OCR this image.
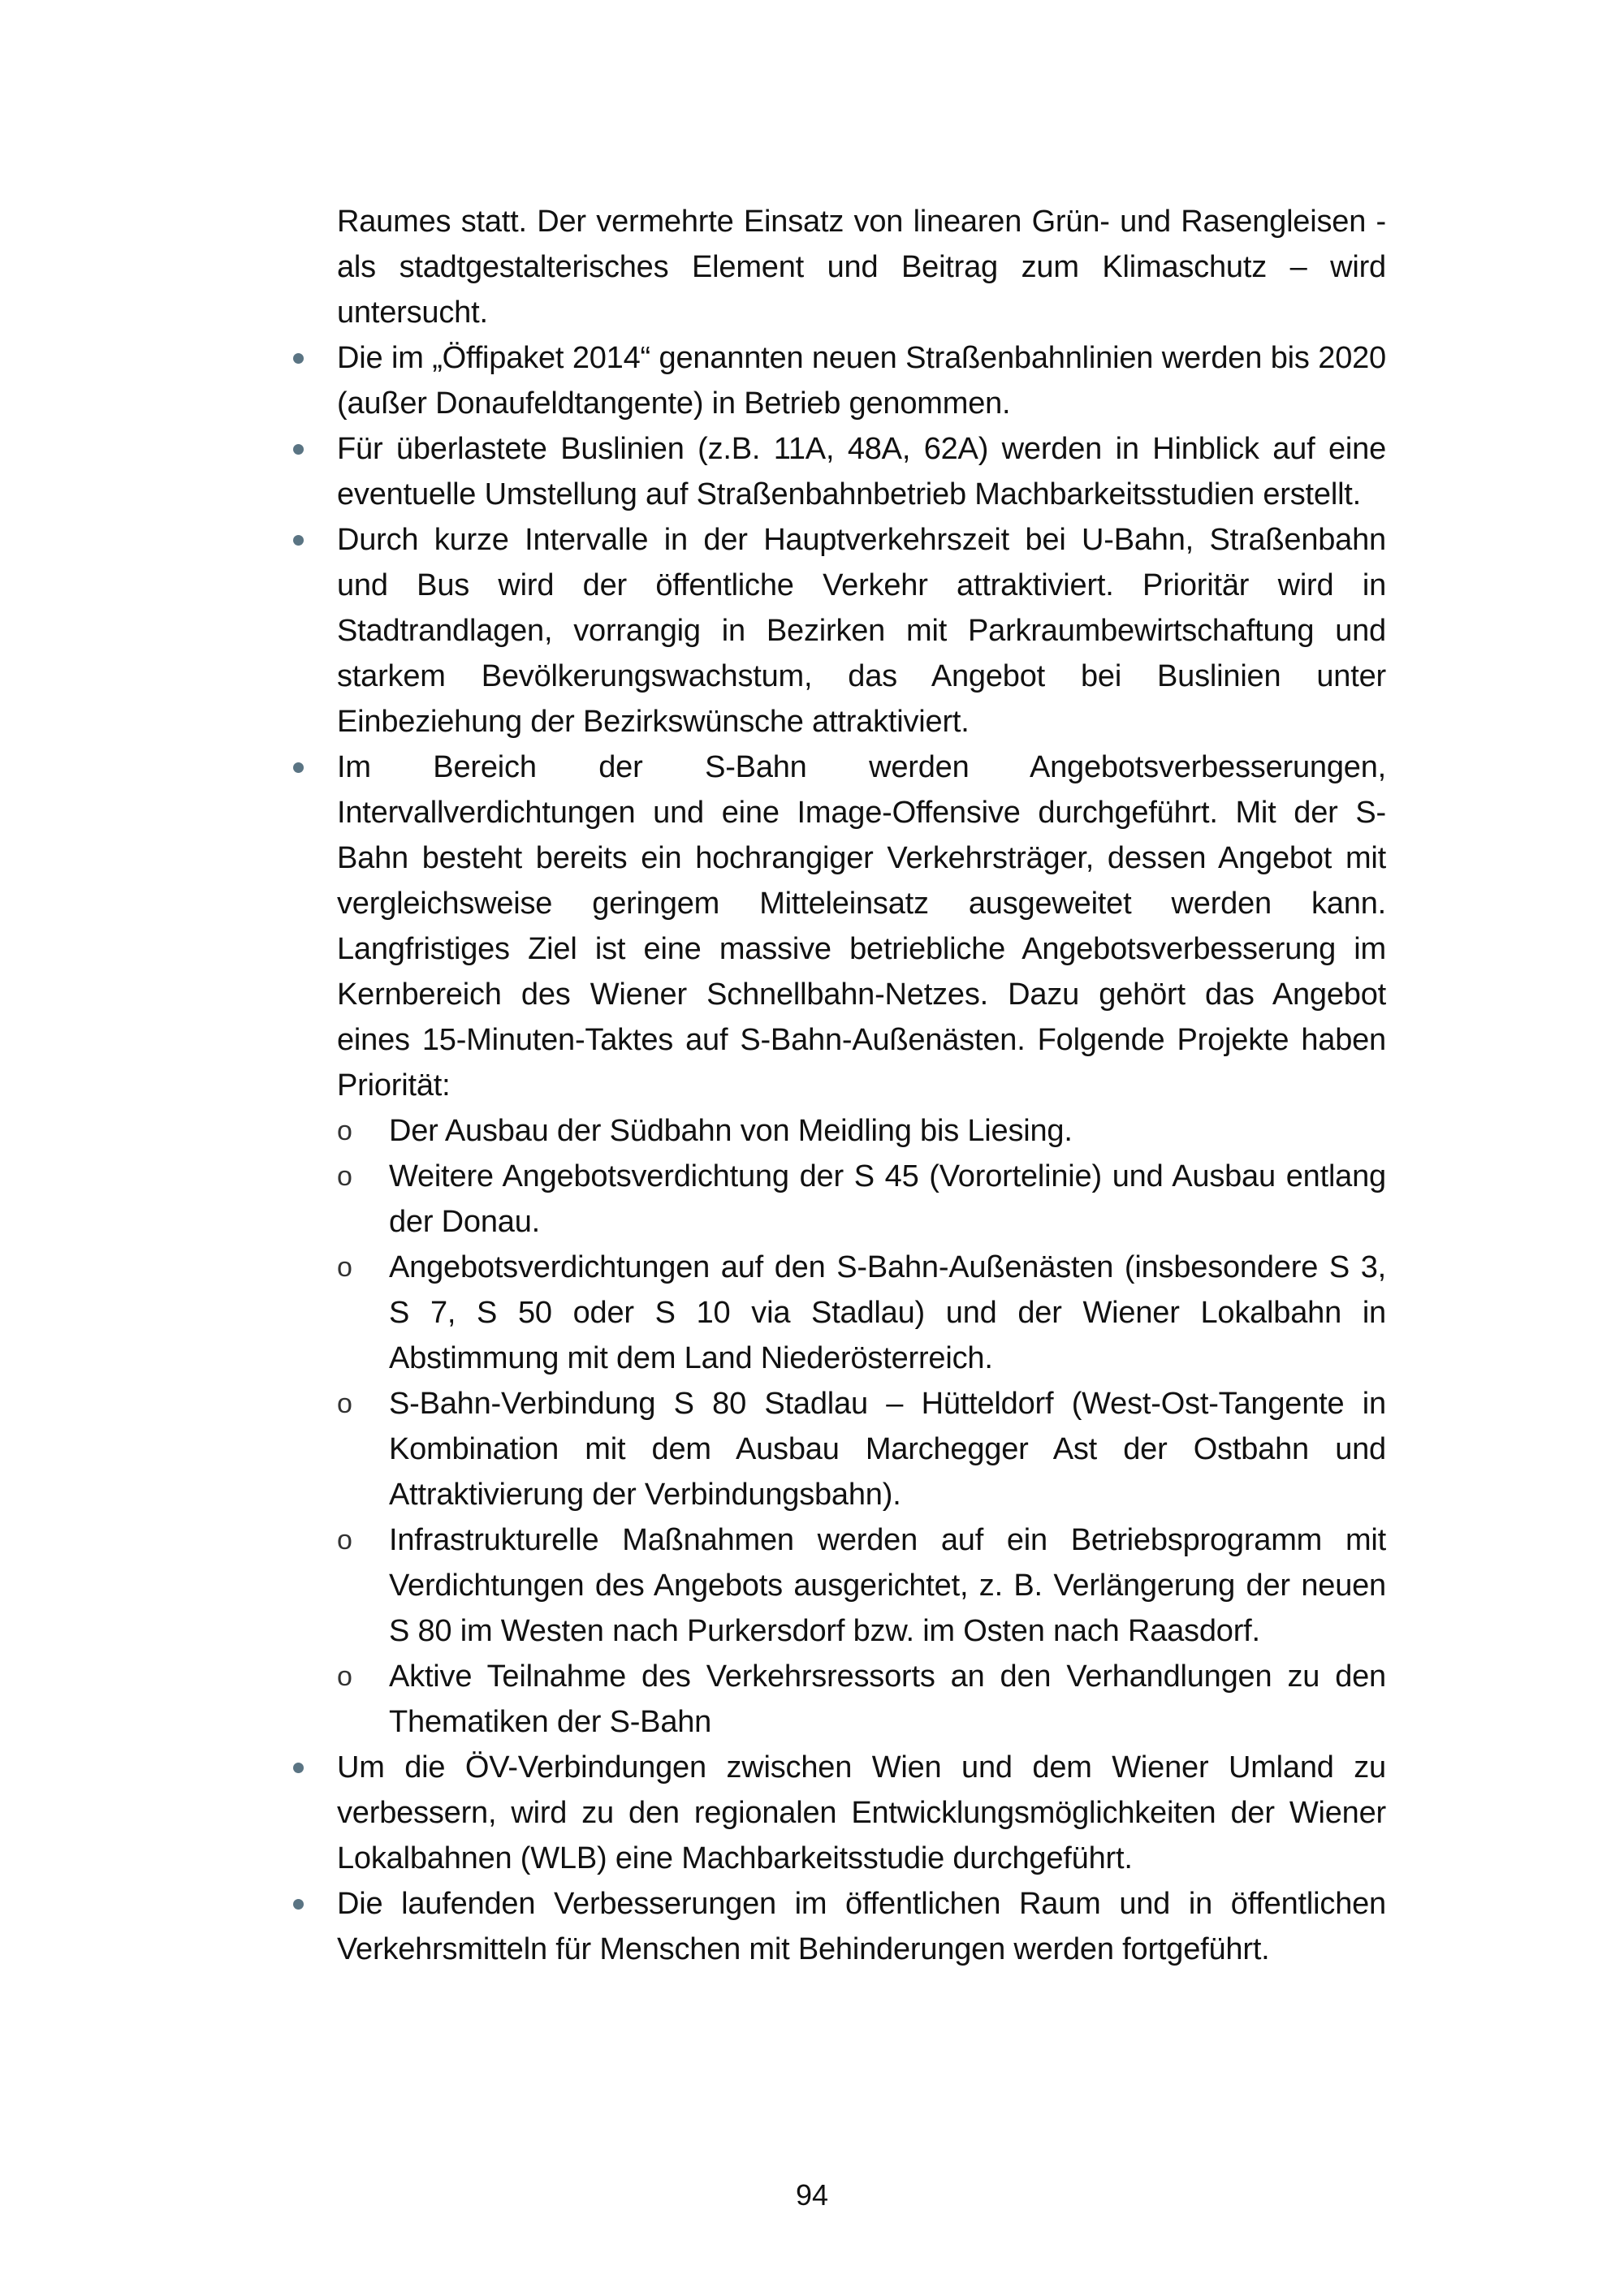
Raumes statt. Der vermehrte Einsatz von linearen Grün- und Rasengleisen - als stadtgestalterisches Element und Beitrag zum Klimaschutz – wird untersucht.

Die im „Öffipaket 2014“ genannten neuen Straßenbahnlinien werden bis 2020 (außer Donaufeldtangente) in Betrieb genommen.
Für überlastete Buslinien (z.B. 11A, 48A, 62A) werden in Hinblick auf eine eventuelle Umstellung auf Straßenbahnbetrieb Machbarkeitsstudien erstellt.
Durch kurze Intervalle in der Hauptverkehrszeit bei U-Bahn, Straßenbahn und Bus wird der öffentliche Verkehr attraktiviert. Prioritär wird in Stadtrandlagen, vorrangig in Bezirken mit Parkraumbewirtschaftung und starkem Bevölkerungswachstum, das Angebot bei Buslinien unter Einbeziehung der Bezirkswünsche attraktiviert.
Im Bereich der S-Bahn werden Angebotsverbesserungen, Intervallverdichtungen und eine Image-Offensive durchgeführt. Mit der S-Bahn besteht bereits ein hochrangiger Verkehrsträger, dessen Angebot mit vergleichsweise geringem Mitteleinsatz ausgeweitet werden kann. Langfristiges Ziel ist eine massive betriebliche Angebotsverbesserung im Kernbereich des Wiener Schnellbahn-Netzes. Dazu gehört das Angebot eines 15-Minuten-Taktes auf S-Bahn-Außenästen. Folgende Projekte haben Priorität:
o Der Ausbau der Südbahn von Meidling bis Liesing.
o Weitere Angebotsverdichtung der S 45 (Vorortelinie) und Ausbau entlang der Donau.
o Angebotsverdichtungen auf den S-Bahn-Außenästen (insbesondere S 3, S 7, S 50 oder S 10 via Stadlau) und der Wiener Lokalbahn in Abstimmung mit dem Land Niederösterreich.
o S-Bahn-Verbindung S 80 Stadlau – Hütteldorf (West-Ost-Tangente in Kombination mit dem Ausbau Marchegger Ast der Ostbahn und Attraktivierung der Verbindungsbahn).
o Infrastrukturelle Maßnahmen werden auf ein Betriebsprogramm mit Verdichtungen des Angebots ausgerichtet, z. B. Verlängerung der neuen S 80 im Westen nach Purkersdorf bzw. im Osten nach Raasdorf.
o Aktive Teilnahme des Verkehrsressorts an den Verhandlungen zu den Thematiken der S-Bahn
Um die ÖV-Verbindungen zwischen Wien und dem Wiener Umland zu verbessern, wird zu den regionalen Entwicklungsmöglichkeiten der Wiener Lokalbahnen (WLB) eine Machbarkeitsstudie durchgeführt.
Die laufenden Verbesserungen im öffentlichen Raum und in öffentlichen Verkehrsmitteln für Menschen mit Behinderungen werden fortgeführt.
94
